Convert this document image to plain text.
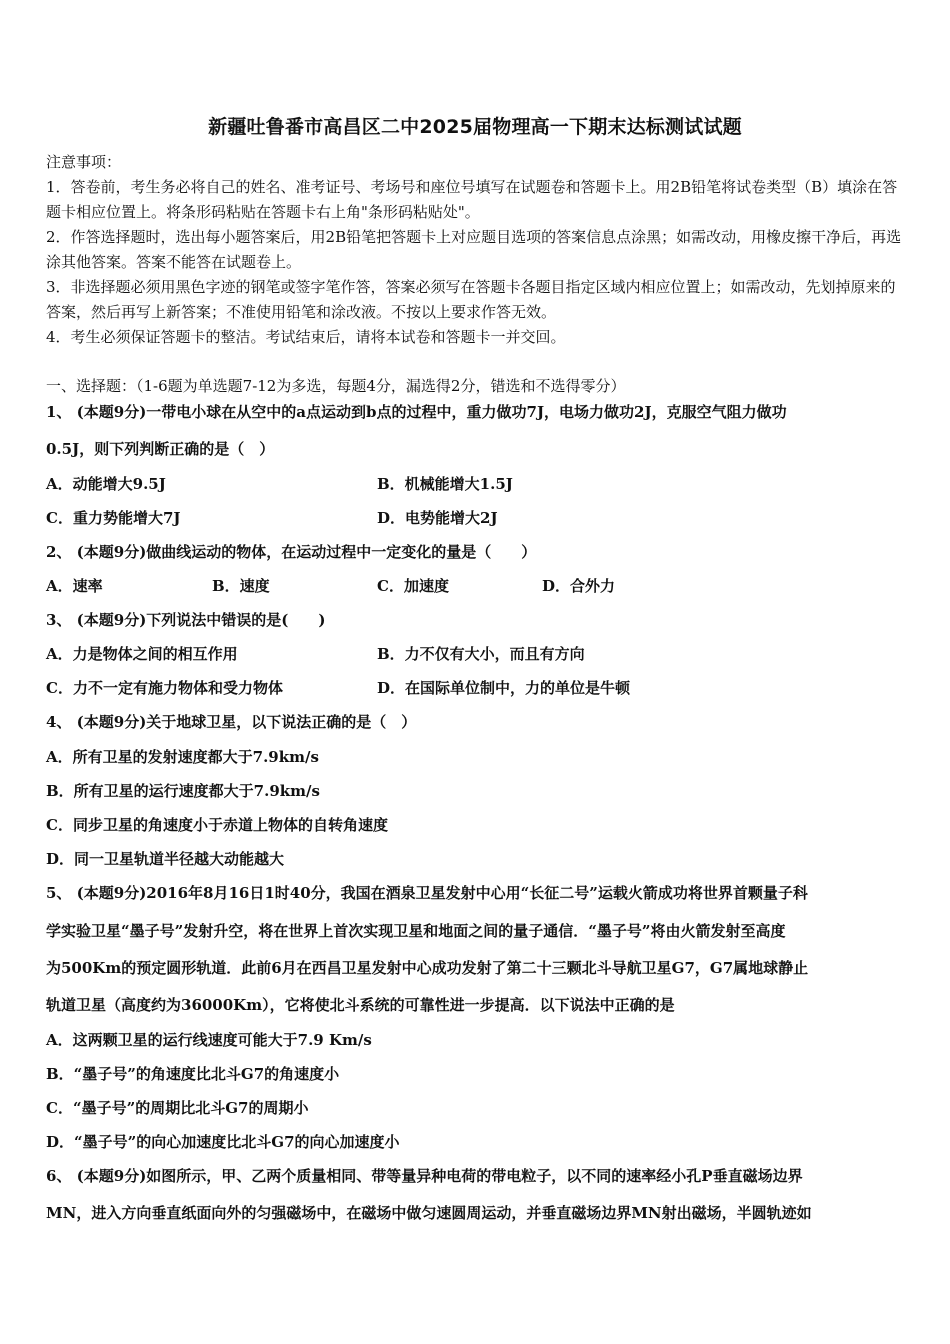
新疆吐鲁番市高昌区二中2025届物理高一下期末达标测试试题

注意事项：

1．答卷前，考生务必将自己的姓名、准考证号、考场号和座位号填写在试题卷和答题卡上。用2B铅笔将试卷类型（B）填涂在答题卡相应位置上。将条形码粘贴在答题卡右上角"条形码粘贴处"。

2．作答选择题时，选出每小题答案后，用2B铅笔把答题卡上对应题目选项的答案信息点涂黑；如需改动，用橡皮擦干净后，再选涂其他答案。答案不能答在试题卷上。

3．非选择题必须用黑色字迹的钢笔或签字笔作答，答案必须写在答题卡各题目指定区域内相应位置上；如需改动，先划掉原来的答案，然后再写上新答案；不准使用铅笔和涂改液。不按以上要求作答无效。

4．考生必须保证答题卡的整洁。考试结束后，请将本试卷和答题卡一并交回。

一、选择题：（1-6题为单选题7-12为多选，每题4分，漏选得2分，错选和不选得零分）
1、 (本题9分)一带电小球在从空中的a点运动到b点的过程中，重力做功7J，电场力做功2J，克服空气阻力做功
0.5J，则下列判断正确的是（　）
A．动能增大9.5J	B．机械能增大1.5J
C．重力势能增大7J	D．电势能增大2J
2、 (本题9分)做曲线运动的物体，在运动过程中一定变化的量是（　　）
A．速率	B．速度	C．加速度	D．合外力
3、 (本题9分)下列说法中错误的是(　　)
A．力是物体之间的相互作用	B．力不仅有大小，而且有方向
C．力不一定有施力物体和受力物体	D．在国际单位制中，力的单位是牛顿
4、 (本题9分)关于地球卫星，以下说法正确的是（　）
A．所有卫星的发射速度都大于7.9km/s
B．所有卫星的运行速度都大于7.9km/s
C．同步卫星的角速度小于赤道上物体的自转角速度
D．同一卫星轨道半径越大动能越大
5、 (本题9分)2016年8月16日1时40分，我国在酒泉卫星发射中心用“长征二号”运载火箭成功将世界首颗量子科
学实验卫星“墨子号”发射升空，将在世界上首次实现卫星和地面之间的量子通信．“墨子号”将由火箭发射至高度
为500Km的预定圆形轨道．此前6月在西昌卫星发射中心成功发射了第二十三颗北斗导航卫星G7，G7属地球静止
轨道卫星（高度约为36000Km），它将使北斗系统的可靠性进一步提高．以下说法中正确的是
A．这两颗卫星的运行线速度可能大于7.9 Km/s
B．“墨子号”的角速度比北斗G7的角速度小
C．“墨子号”的周期比北斗G7的周期小
D．“墨子号”的向心加速度比北斗G7的向心加速度小
6、 (本题9分)如图所示，甲、乙两个质量相同、带等量异种电荷的带电粒子，以不同的速率经小孔P垂直磁场边界
MN，进入方向垂直纸面向外的匀强磁场中，在磁场中做匀速圆周运动，并垂直磁场边界MN射出磁场，半圆轨迹如
